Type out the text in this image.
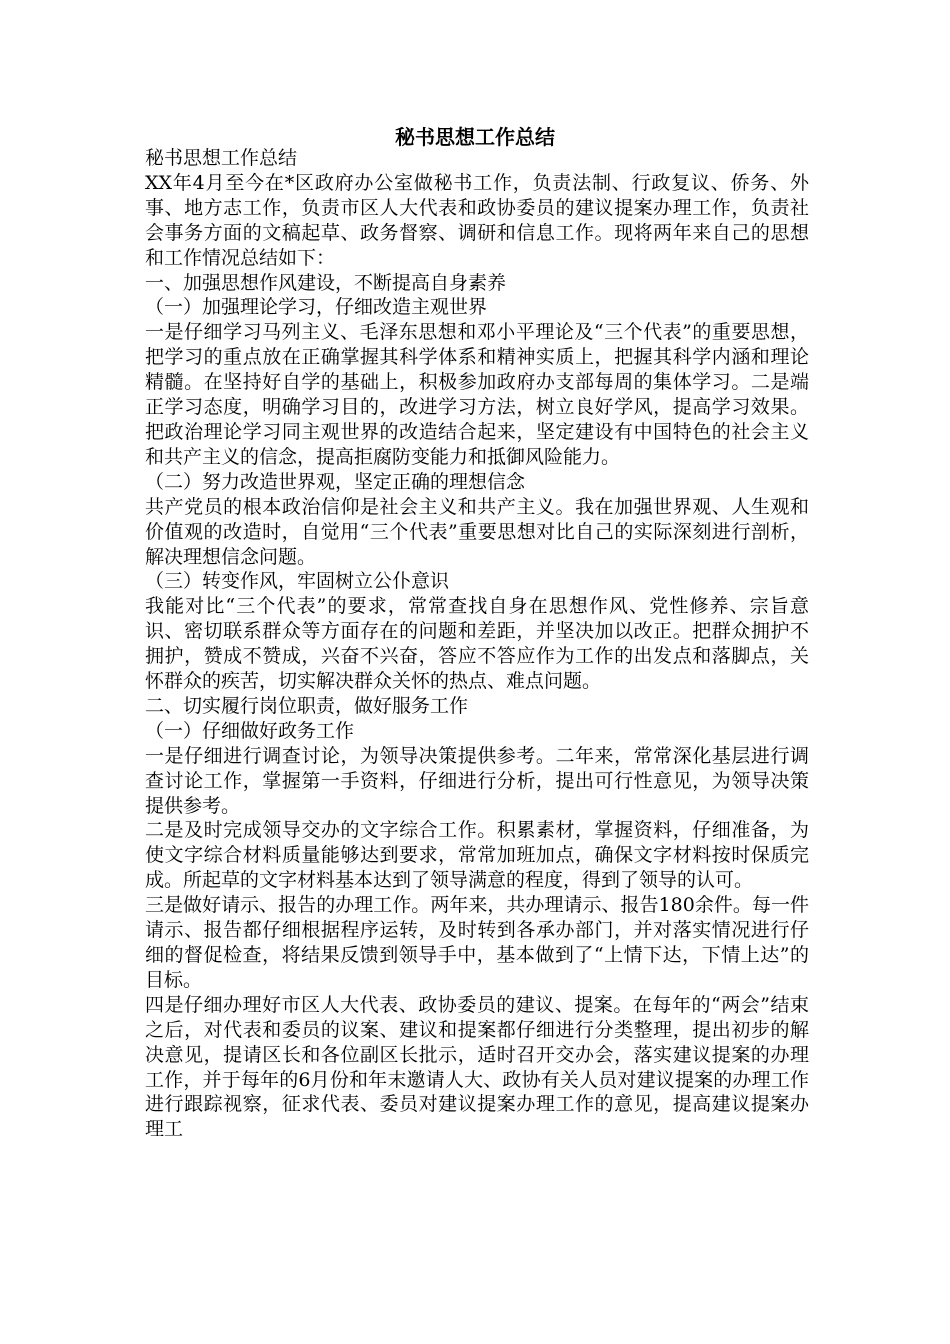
秘书思想工作总结

秘书思想工作总结

XX年4月至今在*区政府办公室做秘书工作，负责法制、行政复议、侨务、外事、地方志工作，负责市区人大代表和政协委员的建议提案办理工作，负责社会事务方面的文稿起草、政务督察、调研和信息工作。现将两年来自己的思想和工作情况总结如下：

一、加强思想作风建设，不断提高自身素养

（一）加强理论学习，仔细改造主观世界

一是仔细学习马列主义、毛泽东思想和邓小平理论及“三个代表”的重要思想，把学习的重点放在正确掌握其科学体系和精神实质上，把握其科学内涵和理论精髓。在坚持好自学的基础上，积极参加政府办支部每周的集体学习。二是端正学习态度，明确学习目的，改进学习方法，树立良好学风，提高学习效果。把政治理论学习同主观世界的改造结合起来，坚定建设有中国特色的社会主义和共产主义的信念，提高拒腐防变能力和抵御风险能力。

（二）努力改造世界观，坚定正确的理想信念

共产党员的根本政治信仰是社会主义和共产主义。我在加强世界观、人生观和价值观的改造时，自觉用“三个代表”重要思想对比自己的实际深刻进行剖析，解决理想信念问题。

（三）转变作风，牢固树立公仆意识

我能对比“三个代表”的要求，常常查找自身在思想作风、党性修养、宗旨意识、密切联系群众等方面存在的问题和差距，并坚决加以改正。把群众拥护不拥护，赞成不赞成，兴奋不兴奋，答应不答应作为工作的出发点和落脚点，关怀群众的疾苦，切实解决群众关怀的热点、难点问题。

二、切实履行岗位职责，做好服务工作

（一）仔细做好政务工作

一是仔细进行调查讨论，为领导决策提供参考。二年来，常常深化基层进行调查讨论工作，掌握第一手资料，仔细进行分析，提出可行性意见，为领导决策提供参考。

二是及时完成领导交办的文字综合工作。积累素材，掌握资料，仔细准备，为使文字综合材料质量能够达到要求，常常加班加点，确保文字材料按时保质完成。所起草的文字材料基本达到了领导满意的程度，得到了领导的认可。

三是做好请示、报告的办理工作。两年来，共办理请示、报告180余件。每一件请示、报告都仔细根据程序运转，及时转到各承办部门，并对落实情况进行仔细的督促检查，将结果反馈到领导手中，基本做到了“上情下达，下情上达”的目标。

四是仔细办理好市区人大代表、政协委员的建议、提案。在每年的“两会”结束之后，对代表和委员的议案、建议和提案都仔细进行分类整理，提出初步的解决意见，提请区长和各位副区长批示，适时召开交办会，落实建议提案的办理工作，并于每年的6月份和年末邀请人大、政协有关人员对建议提案的办理工作进行跟踪视察，征求代表、委员对建议提案办理工作的意见，提高建议提案办理工
